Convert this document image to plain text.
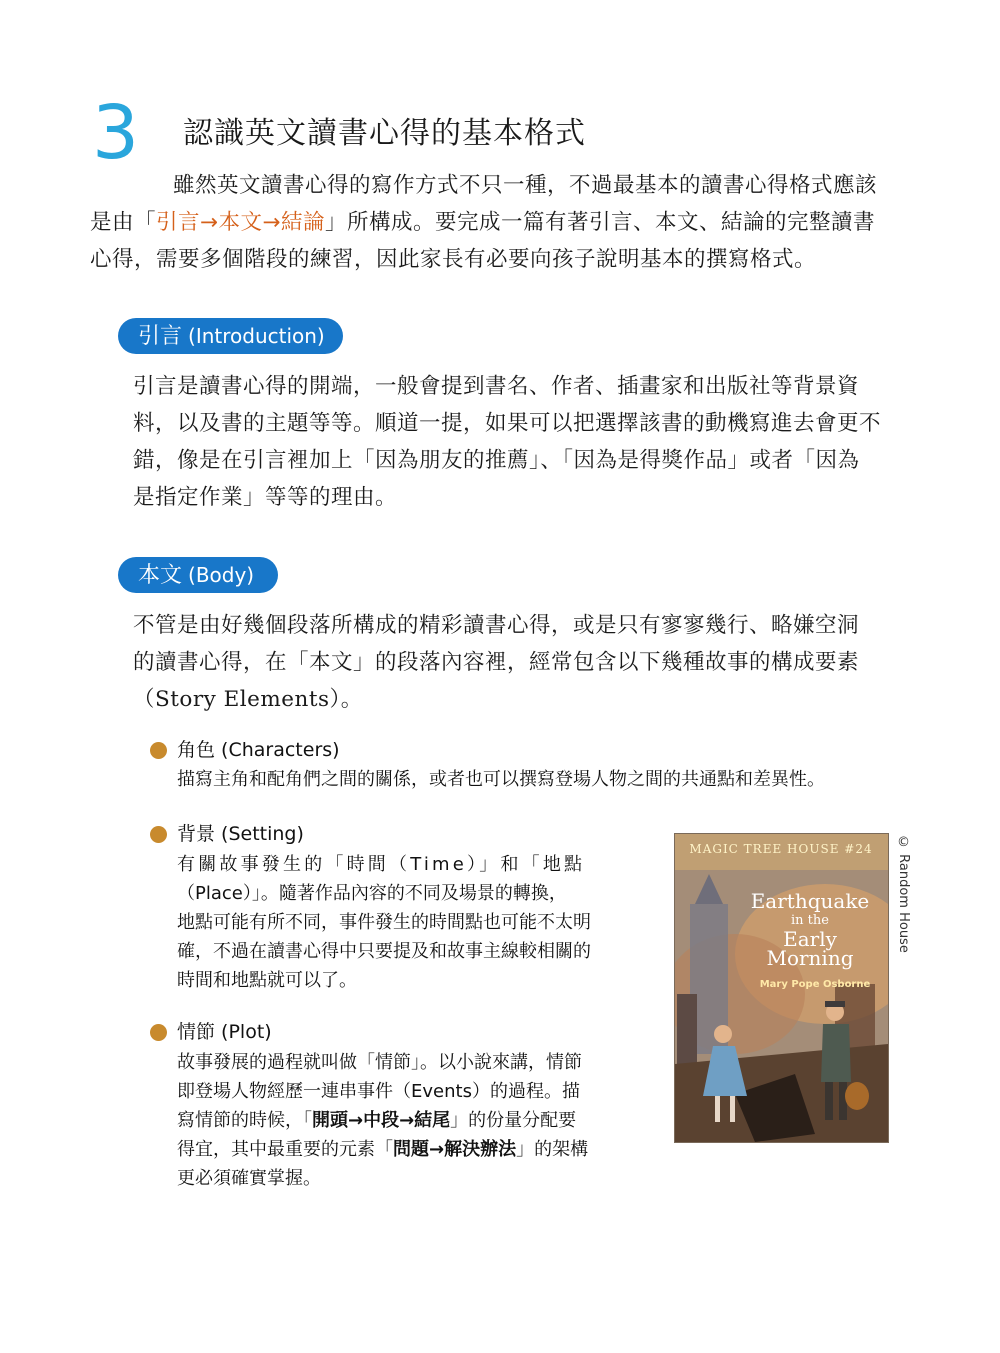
3 認識英文讀書心得的基本格式
雖然英文讀書心得的寫作方式不只一種，不過最基本的讀書心得格式應該
是由「引言→本文→結論」所構成。要完成一篇有著引言、本文、結論的完整讀書
心得，需要多個階段的練習，因此家長有必要向孩子說明基本的撰寫格式。
引言 (Introduction)
引言是讀書心得的開端，一般會提到書名、作者、插畫家和出版社等背景資
料，以及書的主題等等。順道一提，如果可以把選擇該書的動機寫進去會更不
錯，像是在引言裡加上「因為朋友的推薦」、「因為是得獎作品」或者「因為
是指定作業」等等的理由。
本文 (Body)
不管是由好幾個段落所構成的精彩讀書心得，或是只有寥寥幾行、略嫌空洞
的讀書心得，在「本文」的段落內容裡，經常包含以下幾種故事的構成要素
（Story Elements）。
角色 (Characters)
描寫主角和配角們之間的關係，或者也可以撰寫登場人物之間的共通點和差異性。
背景 (Setting)
有關故事發生的「時間（Time）」和「地點
（Place）」。隨著作品內容的不同及場景的轉換，
地點可能有所不同，事件發生的時間點也可能不太明
確，不過在讀書心得中只要提及和故事主線較相關的
時間和地點就可以了。
情節 (Plot)
故事發展的過程就叫做「情節」。以小說來講，情節
即登場人物經歷一連串事件（Events）的過程。描
寫情節的時候，「開頭→中段→結尾」的份量分配要
得宜，其中最重要的元素「問題→解決辦法」的架構
更必須確實掌握。
MAGIC TREE HOUSE #24
Earthquake
in the
Early
Morning
Mary Pope Osborne
© Random House
